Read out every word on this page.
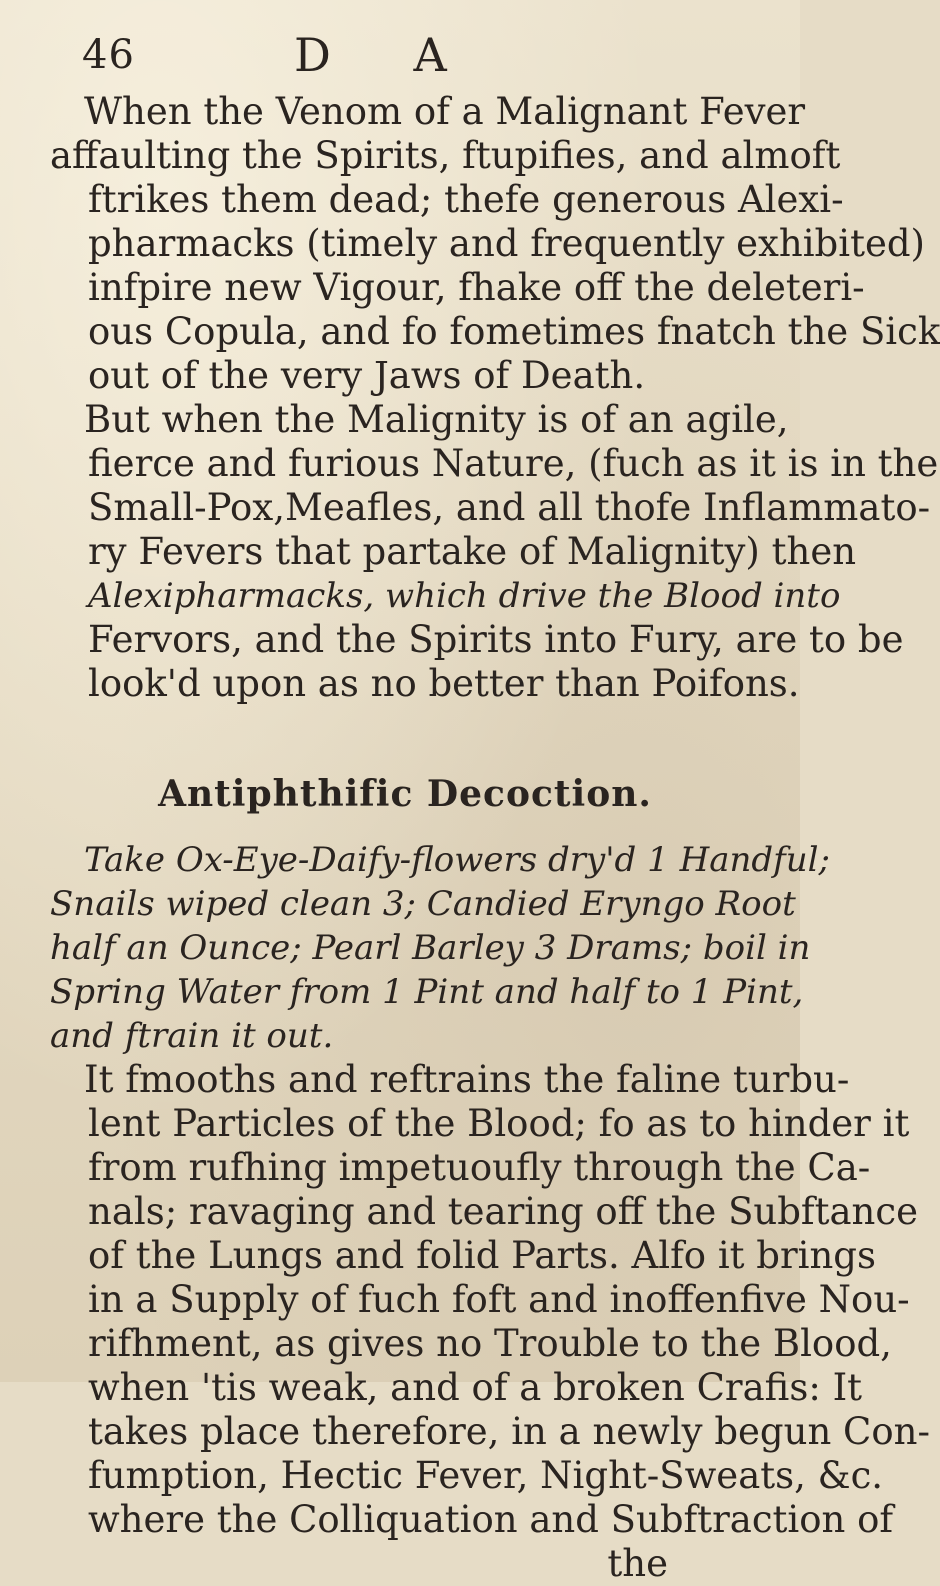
46	D A
When the Venom of a Malignant Fever
affaulting the Spirits, ftupifies, and almoft
ftrikes them dead; thefe generous Alexi-
pharmacks (timely and frequently exhibited)
infpire new Vigour, fhake off the deleteri-
ous Copula, and fo fometimes fnatch the Sick
out of the very Jaws of Death.
But when the Malignity is of an agile,
fierce and furious Nature, (fuch as it is in the
Small-Pox,Meafles, and all thofe Inflammato-
ry Fevers that partake of Malignity) then
Alexipharmacks, which drive the Blood into
Fervors, and the Spirits into Fury, are to be
look'd upon as no better than Poifons.
Antiphthific Decoction.
Take Ox-Eye-Daify-flowers dry'd 1 Handful;
Snails wiped clean 3; Candied Eryngo Root
half an Ounce; Pearl Barley 3 Drams; boil in
Spring Water from 1 Pint and half to 1 Pint,
and ftrain it out.
It fmooths and reftrains the faline turbu-
lent Particles of the Blood; fo as to hinder it
from rufhing impetuoufly through the Ca-
nals; ravaging and tearing off the Subftance
of the Lungs and folid Parts. Alfo it brings
in a Supply of fuch foft and inoffenfive Nou-
rifhment, as gives no Trouble to the Blood,
when 'tis weak, and of a broken Crafis: It
takes place therefore, in a newly begun Con-
fumption, Hectic Fever, Night-Sweats, &c.
where the Colliquation and Subftraction of
the
